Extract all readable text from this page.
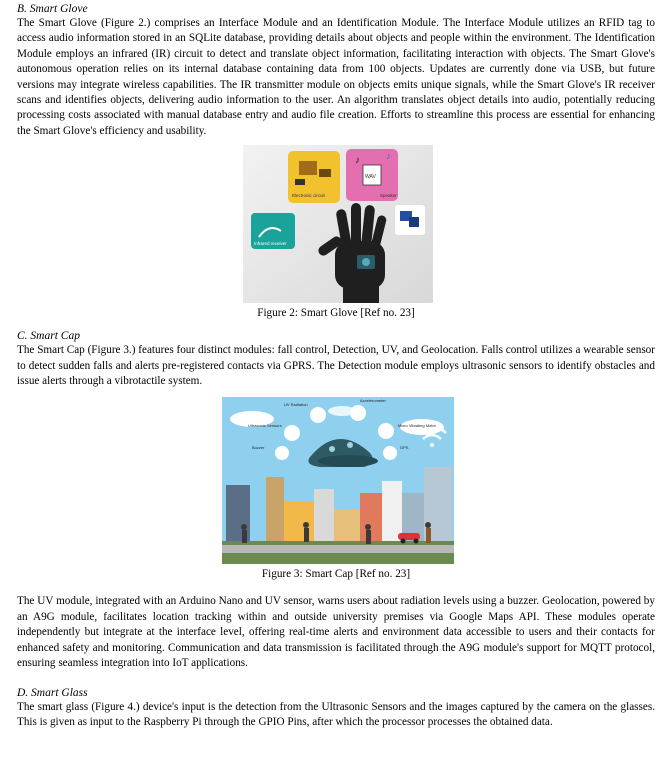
B. Smart Glove

The Smart Glove (Figure 2.) comprises an Interface Module and an Identification Module. The Interface Module utilizes an RFID tag to access audio information stored in an SQLite database, providing details about objects and people within the environment. The Identification Module employs an infrared (IR) circuit to detect and translate object information, facilitating interaction with objects. The Smart Glove's autonomous operation relies on its internal database containing data from 100 objects. Updates are currently done via USB, but future versions may integrate wireless capabilities. The IR transmitter module on objects emits unique signals, while the Smart Glove's IR receiver scans and identifies objects, delivering audio information to the user. An algorithm translates object details into audio, potentially reducing processing costs associated with manual database entry and audio file creation. Efforts to streamline this process are essential for enhancing the Smart Glove's efficiency and usability.

Electronic circuit
WAV
Speaker
♪	♪
Infrared receiver

Figure 2: Smart Glove [Ref no. 23]

C. Smart Cap

The Smart Cap (Figure 3.) features four distinct modules: fall control, Detection, UV, and Geolocation. Falls control utilizes a wearable sensor to detect sudden falls and alerts pre-registered contacts via GPRS. The Detection module employs ultrasonic sensors to identify obstacles and issue alerts through a vibrotactile system.

UV Radiation
Accelerometer
Ultrasonic Sensors
Buzzer
Micro Vibrating Motor
GPS

Figure 3: Smart Cap [Ref no. 23]

The UV module, integrated with an Arduino Nano and UV sensor, warns users about radiation levels using a buzzer. Geolocation, powered by an A9G module, facilitates location tracking within and outside university premises via Google Maps API. These modules operate independently but integrate at the interface level, offering real-time alerts and environment data accessible to users and their contacts for enhanced safety and monitoring. Communication and data transmission is facilitated through the A9G module's support for MQTT protocol, ensuring seamless integration into IoT applications.

D. Smart Glass

The smart glass (Figure 4.) device's input is the detection from the Ultrasonic Sensors and the images captured by the camera on the glasses. This is given as input to the Raspberry Pi through the GPIO Pins, after which the processor processes the obtained data.
